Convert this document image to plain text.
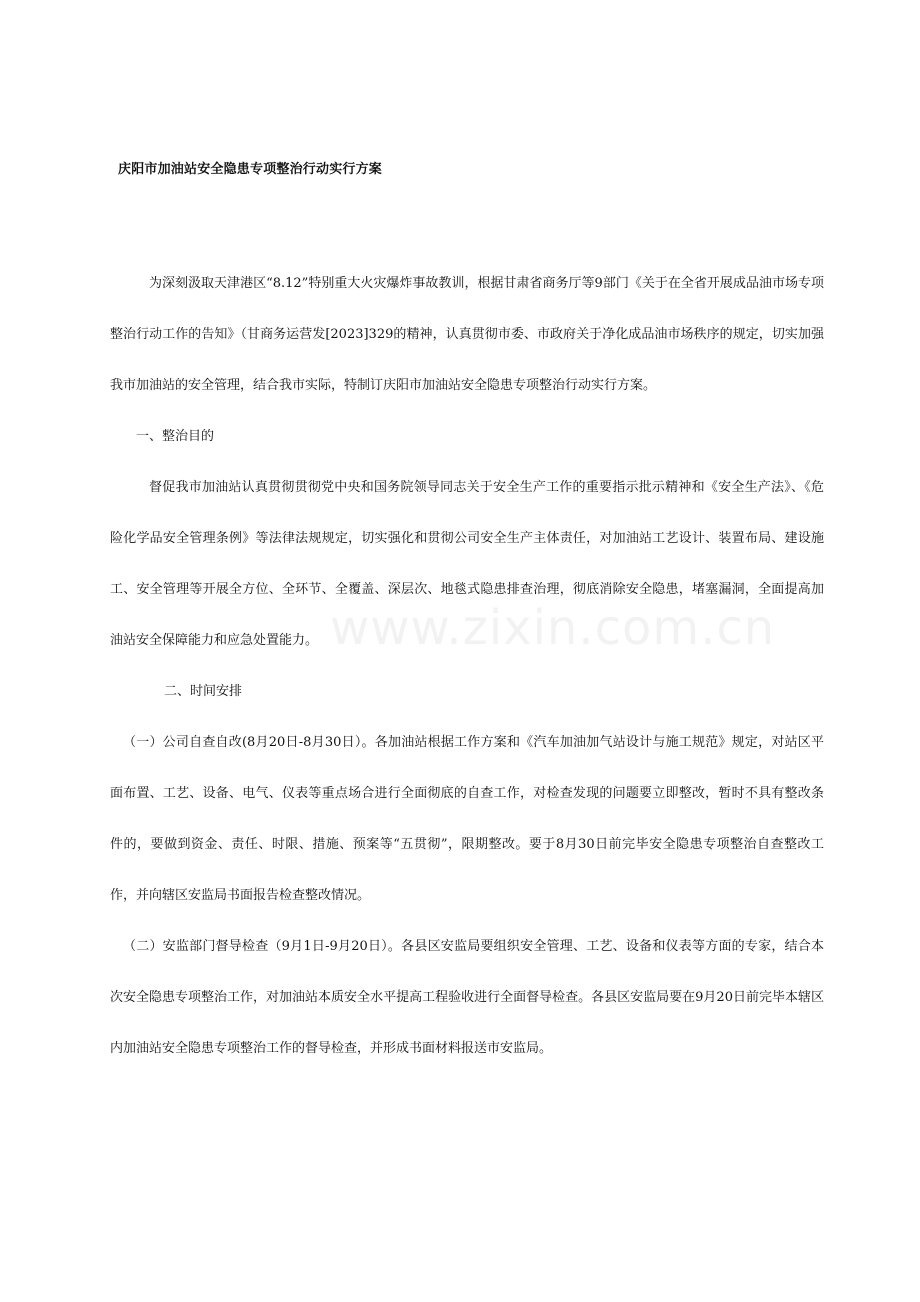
庆阳市加油站安全隐患专项整治行动实行方案

为深刻汲取天津港区“8.12”特别重大火灾爆炸事故教训，根据甘肃省商务厅等9部门《关于在全省开展成品油市场专项整治行动工作的告知》（甘商务运营发[2023]329的精神，认真贯彻市委、市政府关于净化成品油市场秩序的规定，切实加强我市加油站的安全管理，结合我市实际，特制订庆阳市加油站安全隐患专项整治行动实行方案。

一、整治目的

督促我市加油站认真贯彻贯彻党中央和国务院领导同志关于安全生产工作的重要指示批示精神和《安全生产法》、《危险化学品安全管理条例》等法律法规规定，切实强化和贯彻公司安全生产主体责任，对加油站工艺设计、装置布局、建设施工、安全管理等开展全方位、全环节、全覆盖、深层次、地毯式隐患排查治理，彻底消除安全隐患，堵塞漏洞，全面提高加油站安全保障能力和应急处置能力。

二、时间安排

（一）公司自查自改(8月20日-8月30日）。各加油站根据工作方案和《汽车加油加气站设计与施工规范》规定，对站区平面布置、工艺、设备、电气、仪表等重点场合进行全面彻底的自查工作，对检查发现的问题要立即整改，暂时不具有整改条件的，要做到资金、责任、时限、措施、预案等“五贯彻”，限期整改。要于8月30日前完毕安全隐患专项整治自查整改工作，并向辖区安监局书面报告检查整改情况。

（二）安监部门督导检查（9月1日-9月20日）。各县区安监局要组织安全管理、工艺、设备和仪表等方面的专家，结合本次安全隐患专项整治工作，对加油站本质安全水平提高工程验收进行全面督导检查。各县区安监局要在9月20日前完毕本辖区内加油站安全隐患专项整治工作的督导检查，并形成书面材料报送市安监局。

www.zixin.com.cn
